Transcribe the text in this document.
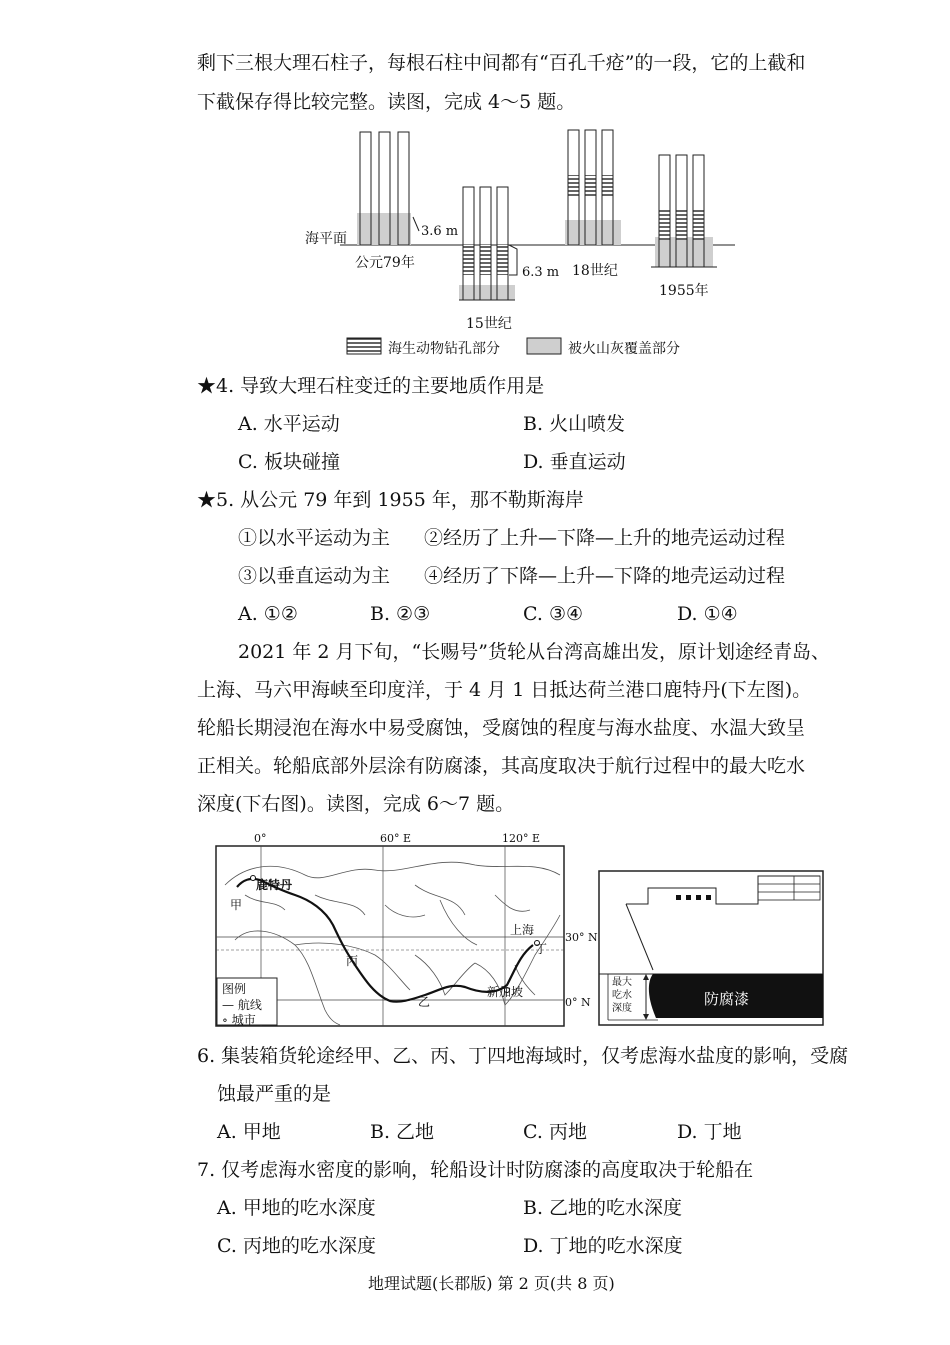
剩下三根大理石柱子，每根石柱中间都有“百孔千疮”的一段，它的上截和
下截保存得比较完整。读图，完成 4～5 题。
海平面	3.6 m
6.3 m
公元79年
15世纪
18世纪
1955年
海生动物钻孔部分	被火山灰覆盖部分
★4. 导致大理石柱变迁的主要地质作用是
A. 水平运动	B. 火山喷发
C. 板块碰撞	D. 垂直运动
★5. 从公元 79 年到 1955 年，那不勒斯海岸
①以水平运动为主 ②经历了上升—下降—上升的地壳运动过程
③以垂直运动为主 ④经历了下降—上升—下降的地壳运动过程
A. ①②	B. ②③	C. ③④	D. ①④
2021 年 2 月下旬，“长赐号”货轮从台湾高雄出发，原计划途经青岛、
上海、马六甲海峡至印度洋，于 4 月 1 日抵达荷兰港口鹿特丹(下左图)。
轮船长期浸泡在海水中易受腐蚀，受腐蚀的程度与海水盐度、水温大致呈
正相关。轮船底部外层涂有防腐漆，其高度取决于航行过程中的最大吃水
深度(下右图)。读图，完成 6～7 题。
0°	60° E	120° E
30° N
0° N
鹿特丹
上海
新加坡
甲
乙
丙
丁
图例
— 航线
∘ 城市
最大
吃水
深度
防腐漆
6. 集装箱货轮途经甲、乙、丙、丁四地海域时，仅考虑海水盐度的影响，受腐
蚀最严重的是
A. 甲地	B. 乙地	C. 丙地	D. 丁地
7. 仅考虑海水密度的影响，轮船设计时防腐漆的高度取决于轮船在
A. 甲地的吃水深度	B. 乙地的吃水深度
C. 丙地的吃水深度	D. 丁地的吃水深度
地理试题(长郡版) 第 2 页(共 8 页)
